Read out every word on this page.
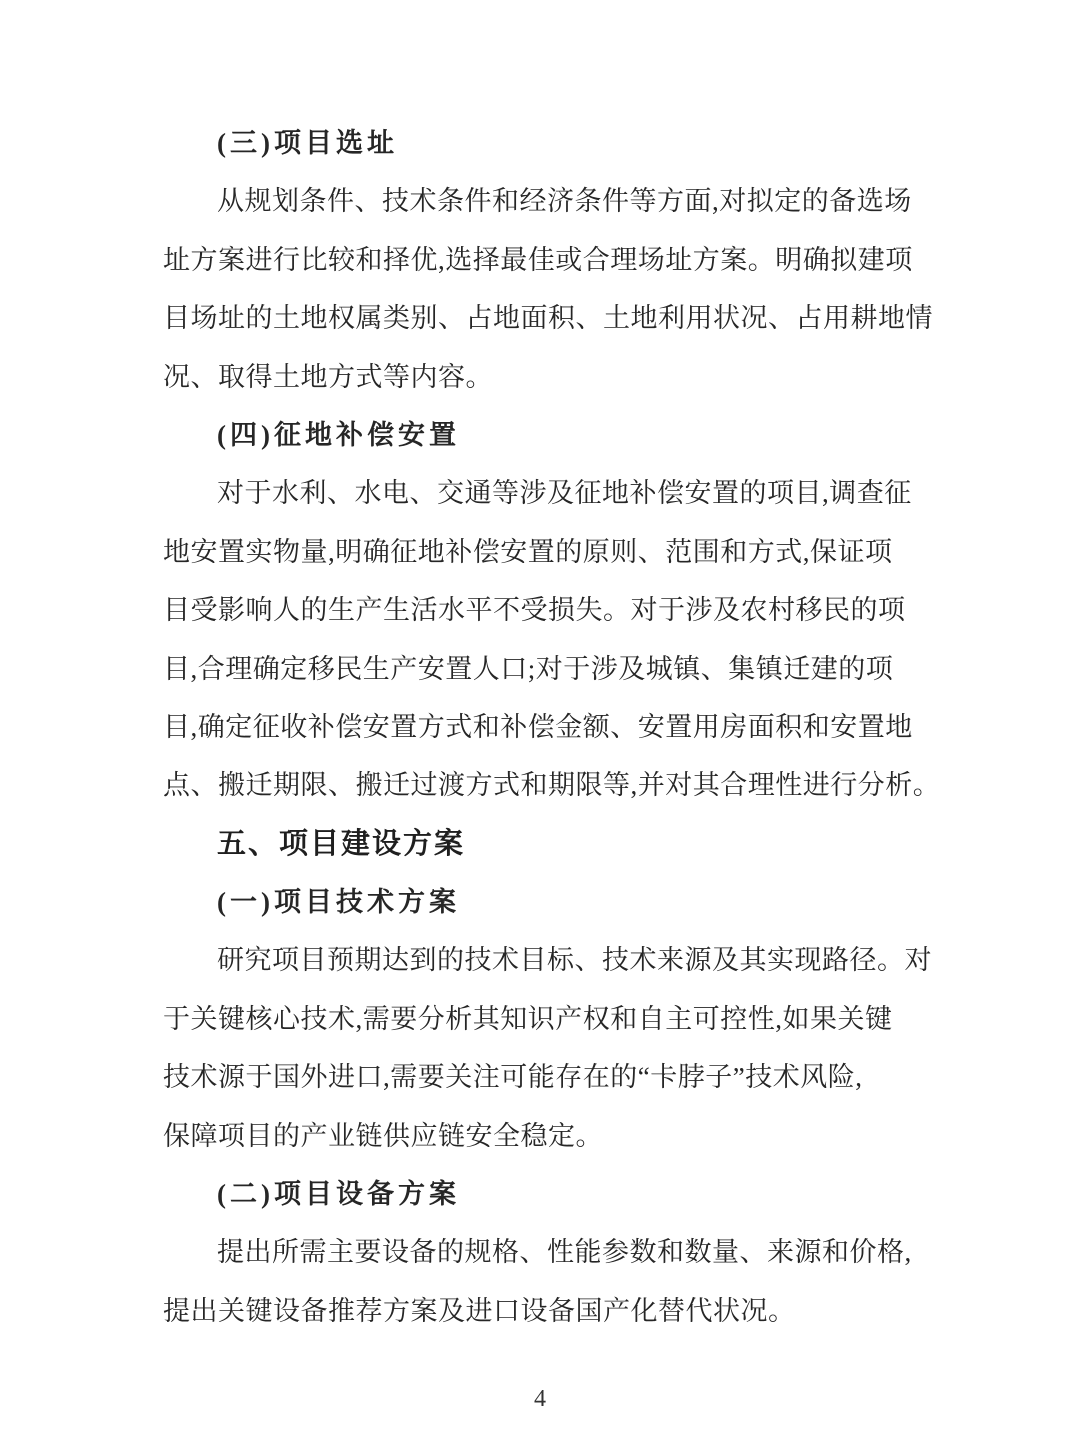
(三)项目选址
从规划条件、技术条件和经济条件等方面,对拟定的备选场
址方案进行比较和择优,选择最佳或合理场址方案。明确拟建项
目场址的土地权属类别、占地面积、土地利用状况、占用耕地情
况、取得土地方式等内容。
(四)征地补偿安置
对于水利、水电、交通等涉及征地补偿安置的项目,调查征
地安置实物量,明确征地补偿安置的原则、范围和方式,保证项
目受影响人的生产生活水平不受损失。对于涉及农村移民的项
目,合理确定移民生产安置人口;对于涉及城镇、集镇迁建的项
目,确定征收补偿安置方式和补偿金额、安置用房面积和安置地
点、搬迁期限、搬迁过渡方式和期限等,并对其合理性进行分析。
五、项目建设方案
(一)项目技术方案
研究项目预期达到的技术目标、技术来源及其实现路径。对
于关键核心技术,需要分析其知识产权和自主可控性,如果关键
技术源于国外进口,需要关注可能存在的“卡脖子”技术风险,
保障项目的产业链供应链安全稳定。
(二)项目设备方案
提出所需主要设备的规格、性能参数和数量、来源和价格,
提出关键设备推荐方案及进口设备国产化替代状况。
4
